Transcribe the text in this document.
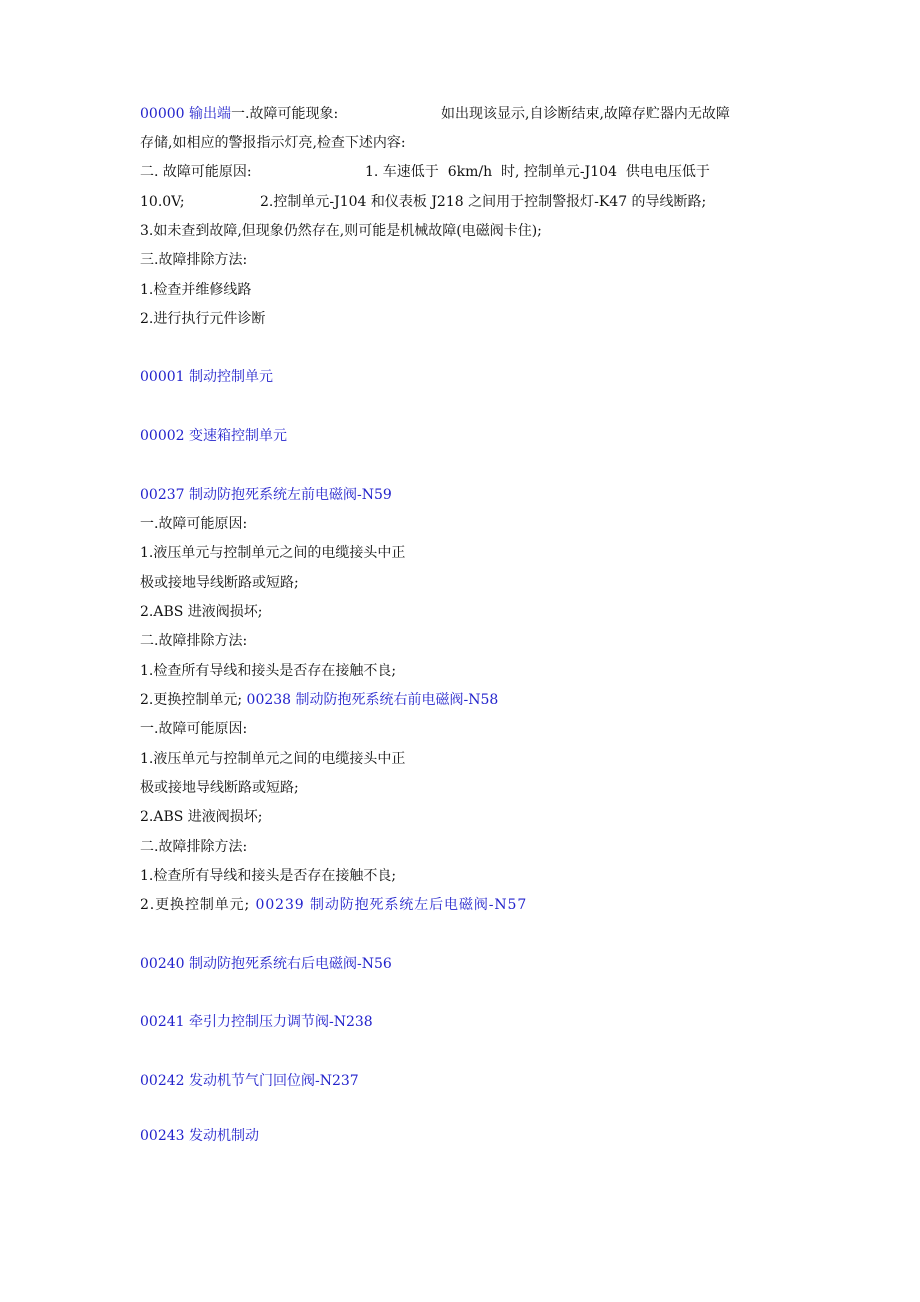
00000 输出端一.故障可能现象:	如出现该显示,自诊断结束,故障存贮器内无故障
存储,如相应的警报指示灯亮,检查下述内容:
二. 故障可能原因:	1. 车速低于  6km/h  时, 控制单元-J104  供电电压低于
10.0V;	2.控制单元-J104 和仪表板 J218 之间用于控制警报灯-K47 的导线断路;
3.如未查到故障,但现象仍然存在,则可能是机械故障(电磁阀卡住);
三.故障排除方法:
1.检查并维修线路
2.进行执行元件诊断
00001 制动控制单元
00002 变速箱控制单元
00237 制动防抱死系统左前电磁阀-N59
一.故障可能原因:
1.液压单元与控制单元之间的电缆接头中正
极或接地导线断路或短路;
2.ABS 进液阀损坏;
二.故障排除方法:
1.检查所有导线和接头是否存在接触不良;
2.更换控制单元; 00238 制动防抱死系统右前电磁阀-N58
一.故障可能原因:
1.液压单元与控制单元之间的电缆接头中正
极或接地导线断路或短路;
2.ABS 进液阀损坏;
二.故障排除方法:
1.检查所有导线和接头是否存在接触不良;
2.更换控制单元; 00239 制动防抱死系统左后电磁阀-N57
00240 制动防抱死系统右后电磁阀-N56
00241 牵引力控制压力调节阀-N238
00242 发动机节气门回位阀-N237
00243 发动机制动
